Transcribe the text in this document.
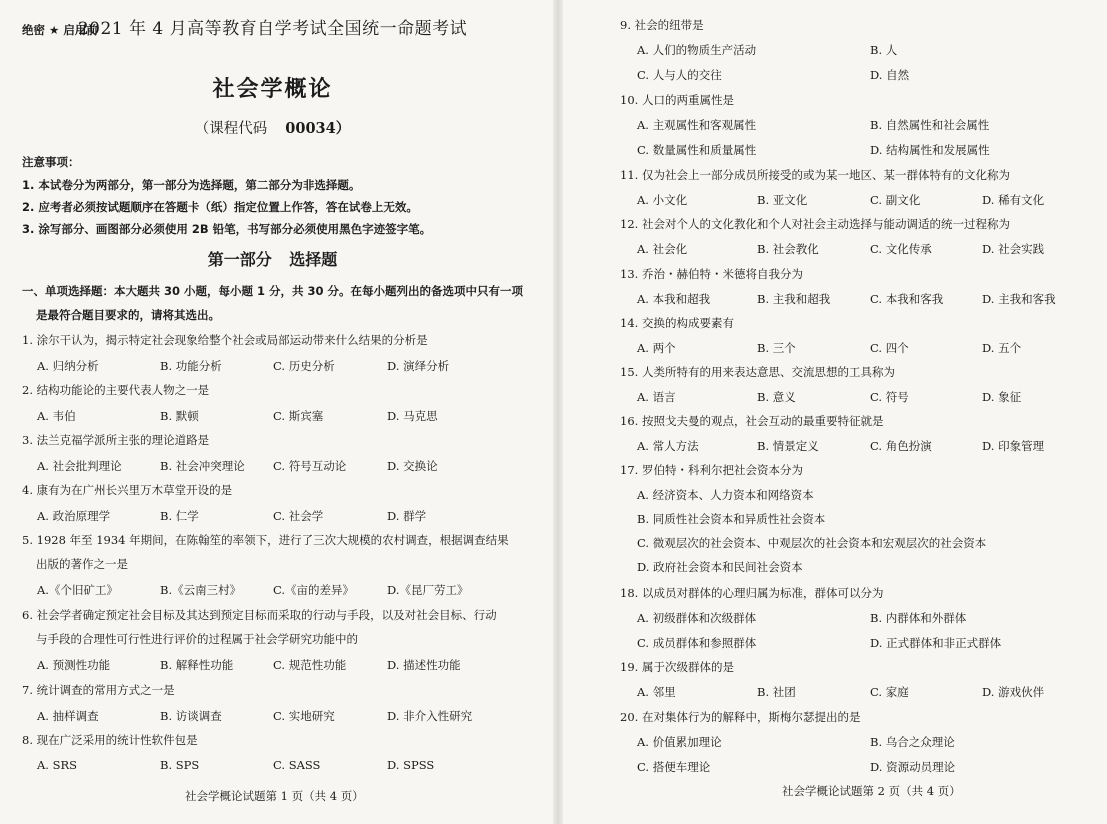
绝密 ★ 启用前
2021 年 4 月高等教育自学考试全国统一命题考试
社会学概论
（课程代码 00034）
注意事项：
1. 本试卷分为两部分，第一部分为选择题，第二部分为非选择题。
2. 应考者必须按试题顺序在答题卡（纸）指定位置上作答，答在试卷上无效。
3. 涂写部分、画图部分必须使用 2B 铅笔，书写部分必须使用黑色字迹签字笔。
第一部分 选择题
一、单项选择题：本大题共 30 小题，每小题 1 分，共 30 分。在每小题列出的备选项中只有一项
是最符合题目要求的，请将其选出。
1. 涂尔干认为，揭示特定社会现象给整个社会或局部运动带来什么结果的分析是
A. 归纳分析	B. 功能分析	C. 历史分析	D. 演绎分析
2. 结构功能论的主要代表人物之一是
A. 韦伯	B. 默顿	C. 斯宾塞	D. 马克思
3. 法兰克福学派所主张的理论道路是
A. 社会批判理论	B. 社会冲突理论 C. 符号互动论	D. 交换论
4. 康有为在广州长兴里万木草堂开设的是
A. 政治原理学	B. 仁学	C. 社会学	D. 群学
5. 1928 年至 1934 年期间，在陈翰笙的率领下，进行了三次大规模的农村调查，根据调查结果
出版的著作之一是
A.《个旧矿工》	B.《云南三村》	C.《亩的差异》	D.《昆厂劳工》
6. 社会学者确定预定社会目标及其达到预定目标而采取的行动与手段，以及对社会目标、行动
与手段的合理性可行性进行评价的过程属于社会学研究功能中的
A. 预测性功能	B. 解释性功能	C. 规范性功能	D. 描述性功能
7. 统计调查的常用方式之一是
A. 抽样调查	B. 访谈调查	C. 实地研究	D. 非介入性研究
8. 现在广泛采用的统计性软件包是
A. SRS	B. SPS	C. SASS	D. SPSS
社会学概论试题第 1 页（共 4 页）
9. 社会的纽带是
A. 人们的物质生产活动	B. 人
C. 人与人的交往	D. 自然
10. 人口的两重属性是
A. 主观属性和客观属性	B. 自然属性和社会属性
C. 数量属性和质量属性	D. 结构属性和发展属性
11. 仅为社会上一部分成员所接受的或为某一地区、某一群体特有的文化称为
A. 小文化	B. 亚文化	C. 副文化	D. 稀有文化
12. 社会对个人的文化教化和个人对社会主动选择与能动调适的统一过程称为
A. 社会化	B. 社会教化	C. 文化传承	D. 社会实践
13. 乔治・赫伯特・米德将自我分为
A. 本我和超我	B. 主我和超我	C. 本我和客我	D. 主我和客我
14. 交换的构成要素有
A. 两个	B. 三个	C. 四个	D. 五个
15. 人类所特有的用来表达意思、交流思想的工具称为
A. 语言	B. 意义	C. 符号	D. 象征
16. 按照戈夫曼的观点，社会互动的最重要特征就是
A. 常人方法	B. 情景定义	C. 角色扮演	D. 印象管理
17. 罗伯特・科利尔把社会资本分为
A. 经济资本、人力资本和网络资本
B. 同质性社会资本和异质性社会资本
C. 微观层次的社会资本、中观层次的社会资本和宏观层次的社会资本
D. 政府社会资本和民间社会资本
18. 以成员对群体的心理归属为标准，群体可以分为
A. 初级群体和次级群体	B. 内群体和外群体
C. 成员群体和参照群体	D. 正式群体和非正式群体
19. 属于次级群体的是
A. 邻里	B. 社团	C. 家庭	D. 游戏伙伴
20. 在对集体行为的解释中，斯梅尔瑟提出的是
A. 价值累加理论	B. 乌合之众理论
C. 搭便车理论	D. 资源动员理论
社会学概论试题第 2 页（共 4 页）
